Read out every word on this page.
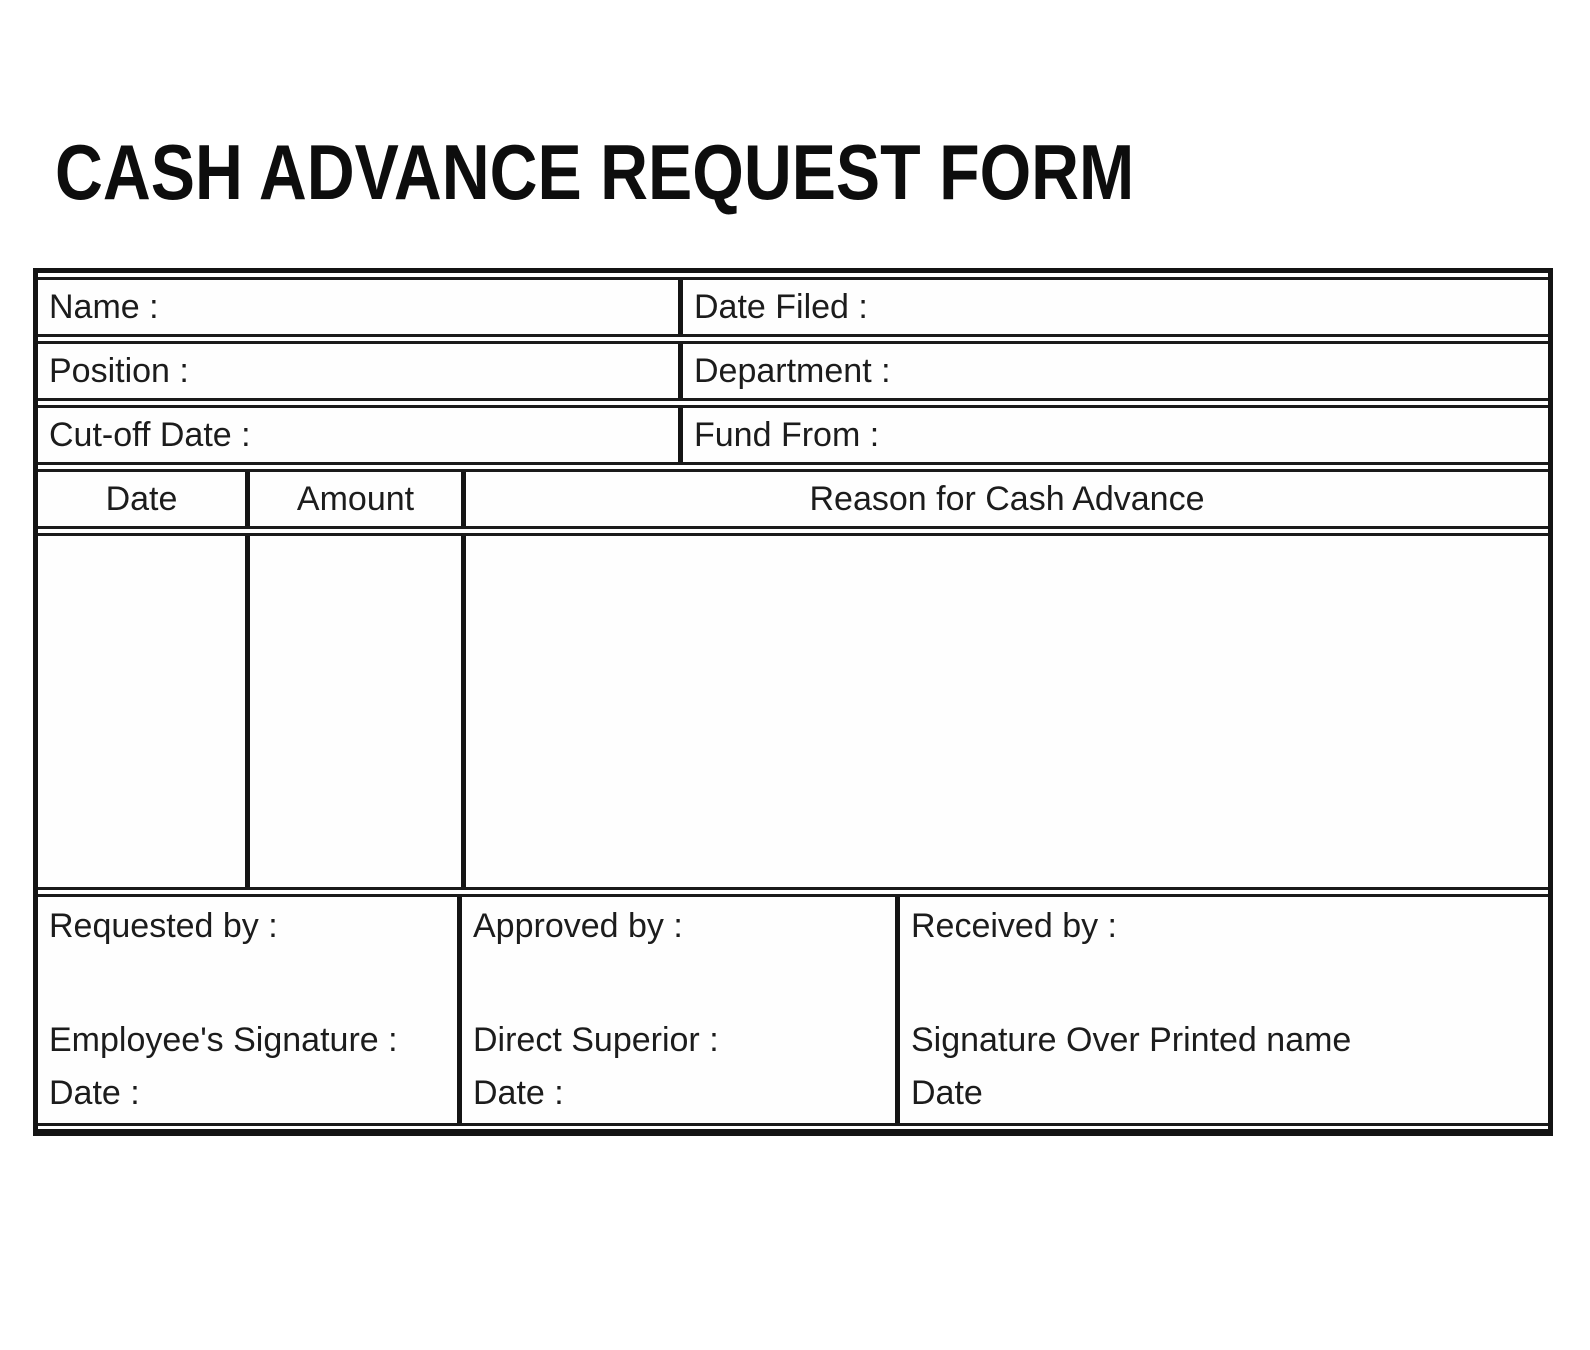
CASH ADVANCE REQUEST FORM
Name :	Date Filed :
Position :	Department :
Cut-off Date :	Fund From :
Date	Amount	Reason for Cash Advance
Requested by :
Employee's Signature :
Date :
Approved by :
Direct Superior :
Date :
Received by :
Signature Over Printed name
Date
